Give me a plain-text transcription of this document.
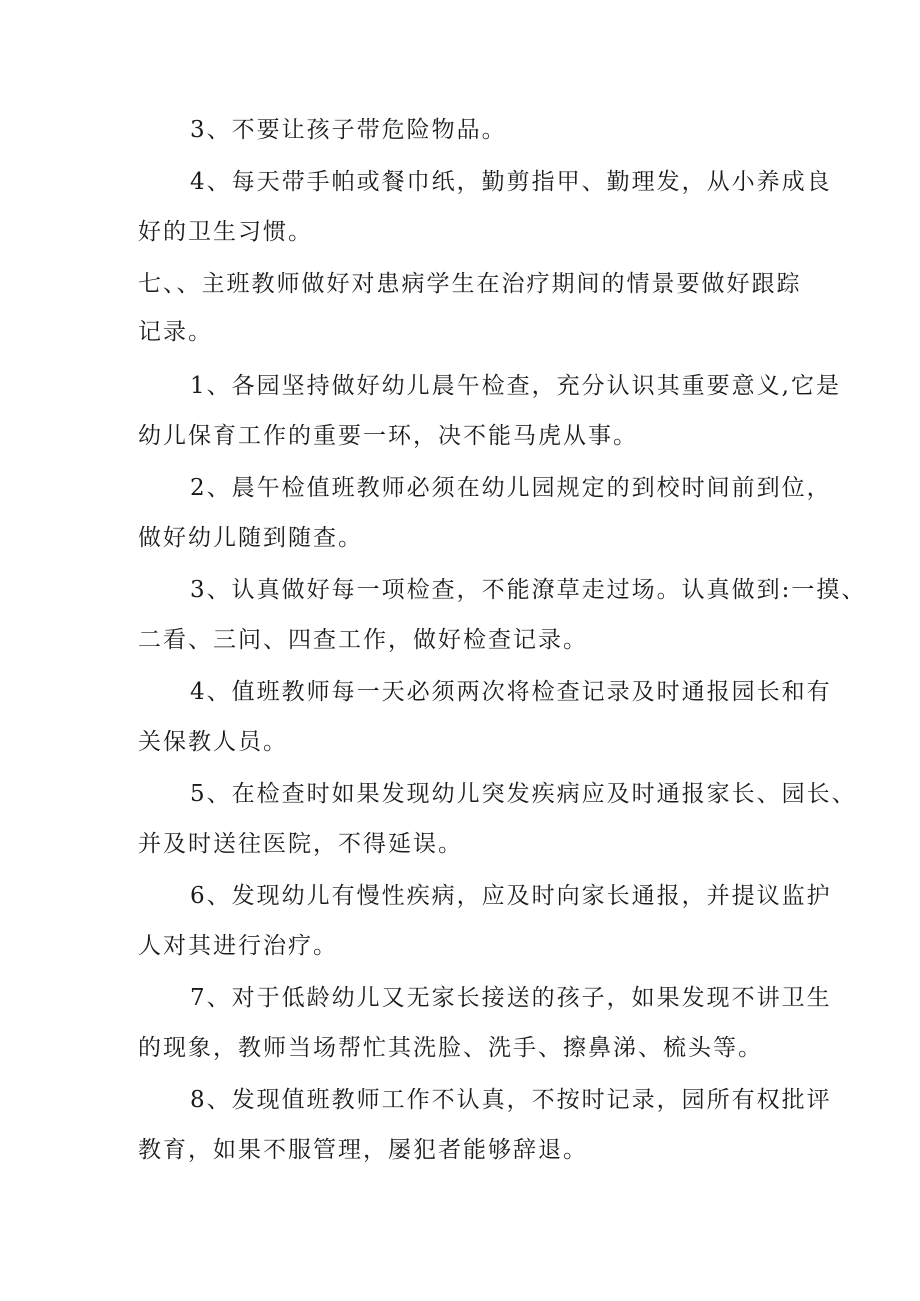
3、不要让孩子带危险物品。
4、每天带手帕或餐巾纸，勤剪指甲、勤理发，从小养成良
好的卫生习惯。
七、、主班教师做好对患病学生在治疗期间的情景要做好跟踪
记录。
1、各园坚持做好幼儿晨午检查，充分认识其重要意义,它是
幼儿保育工作的重要一环，决不能马虎从事。
2、晨午检值班教师必须在幼儿园规定的到校时间前到位，
做好幼儿随到随查。
3、认真做好每一项检查，不能潦草走过场。认真做到:一摸、
二看、三问、四查工作，做好检查记录。
4、值班教师每一天必须两次将检查记录及时通报园长和有
关保教人员。
5、在检查时如果发现幼儿突发疾病应及时通报家长、园长、
并及时送往医院，不得延误。
6、发现幼儿有慢性疾病，应及时向家长通报，并提议监护
人对其进行治疗。
7、对于低龄幼儿又无家长接送的孩子，如果发现不讲卫生
的现象，教师当场帮忙其洗脸、洗手、擦鼻涕、梳头等。
8、发现值班教师工作不认真，不按时记录，园所有权批评
教育，如果不服管理，屡犯者能够辞退。
